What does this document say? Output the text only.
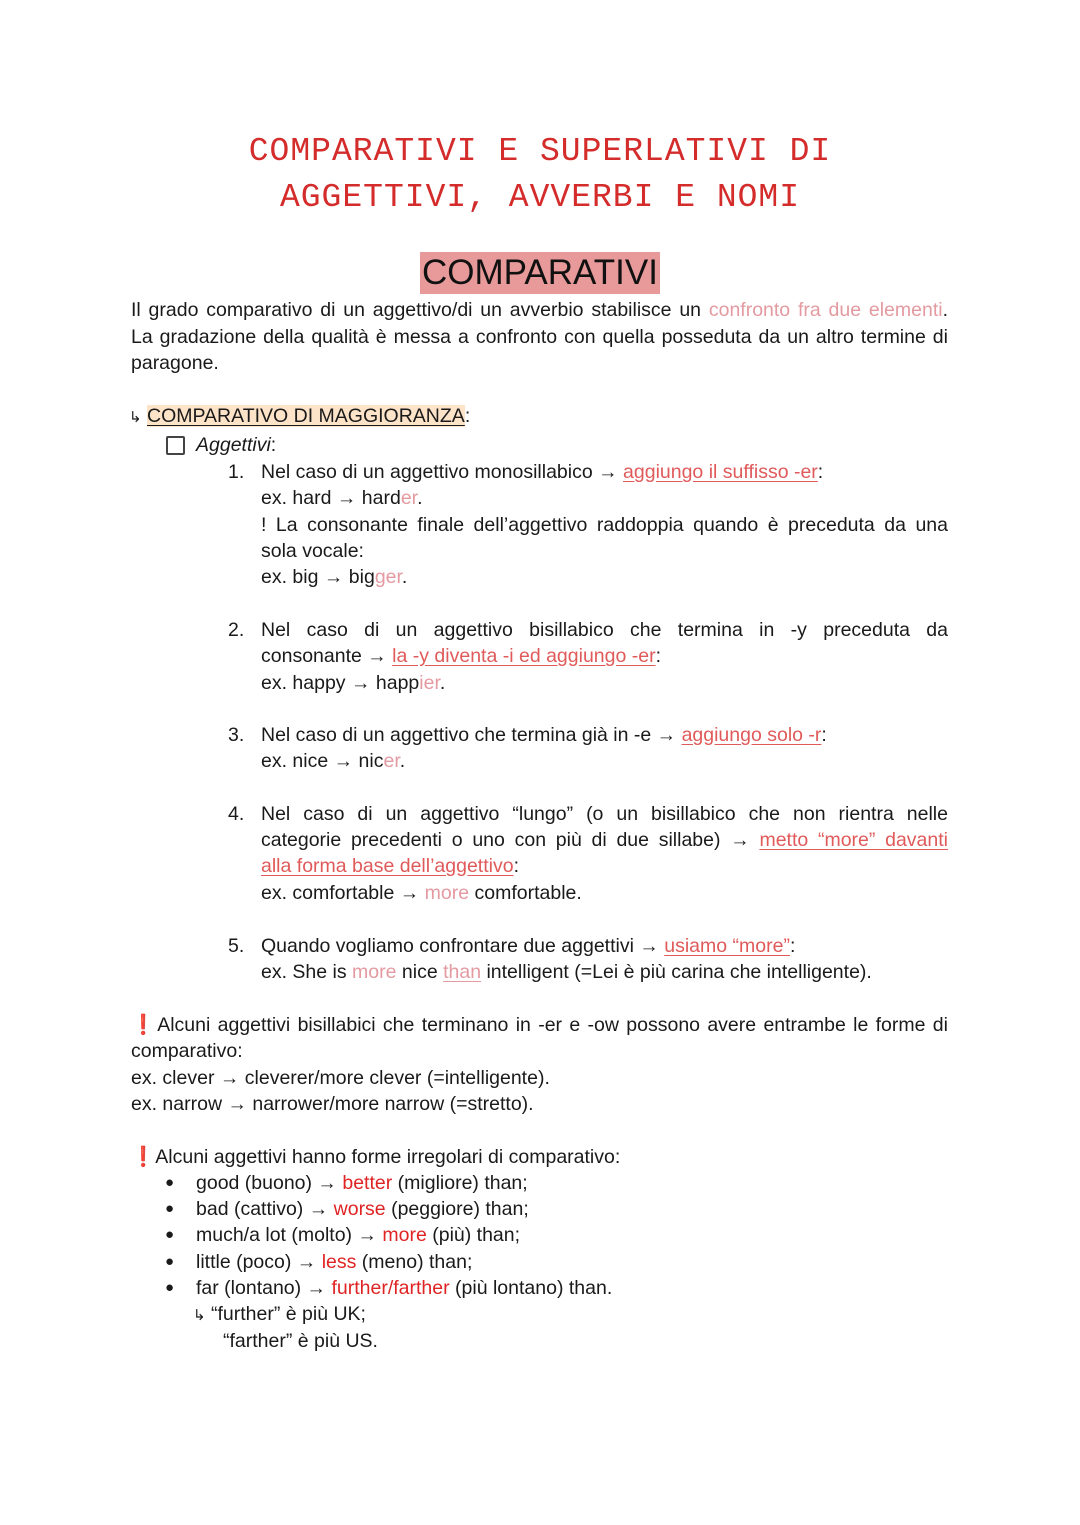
COMPARATIVI E SUPERLATIVI DI
AGGETTIVI, AVVERBI E NOMI
COMPARATIVI
Il grado comparativo di un aggettivo/di un avverbio stabilisce un confronto fra due elementi.
La gradazione della qualità è messa a confronto con quella posseduta da un altro termine di
paragone.
↳ COMPARATIVO DI MAGGIORANZA:
Aggettivi:
1. Nel caso di un aggettivo monosillabico → aggiungo il suffisso -er:
ex. hard → harder.
! La consonante finale dell’aggettivo raddoppia quando è preceduta da una
sola vocale:
ex. big → bigger.
2. Nel caso di un aggettivo bisillabico che termina in -y preceduta da
consonante → la -y diventa -i ed aggiungo -er:
ex. happy → happier.
3. Nel caso di un aggettivo che termina già in -e → aggiungo solo -r:
ex. nice → nicer.
4. Nel caso di un aggettivo “lungo” (o un bisillabico che non rientra nelle
categorie precedenti o uno con più di due sillabe) → metto “more” davanti
alla forma base dell’aggettivo:
ex. comfortable → more comfortable.
5. Quando vogliamo confrontare due aggettivi → usiamo “more”:
ex. She is more nice than intelligent (=Lei è più carina che intelligente).
❗Alcuni aggettivi bisillabici che terminano in -er e -ow possono avere entrambe le forme di
comparativo:
ex. clever → cleverer/more clever (=intelligente).
ex. narrow → narrower/more narrow (=stretto).
❗Alcuni aggettivi hanno forme irregolari di comparativo:
● good (buono) → better (migliore) than;
● bad (cattivo) → worse (peggiore) than;
● much/a lot (molto) → more (più) than;
● little (poco) → less (meno) than;
● far (lontano) → further/farther (più lontano) than.
↳ “further” è più UK;
“farther” è più US.
